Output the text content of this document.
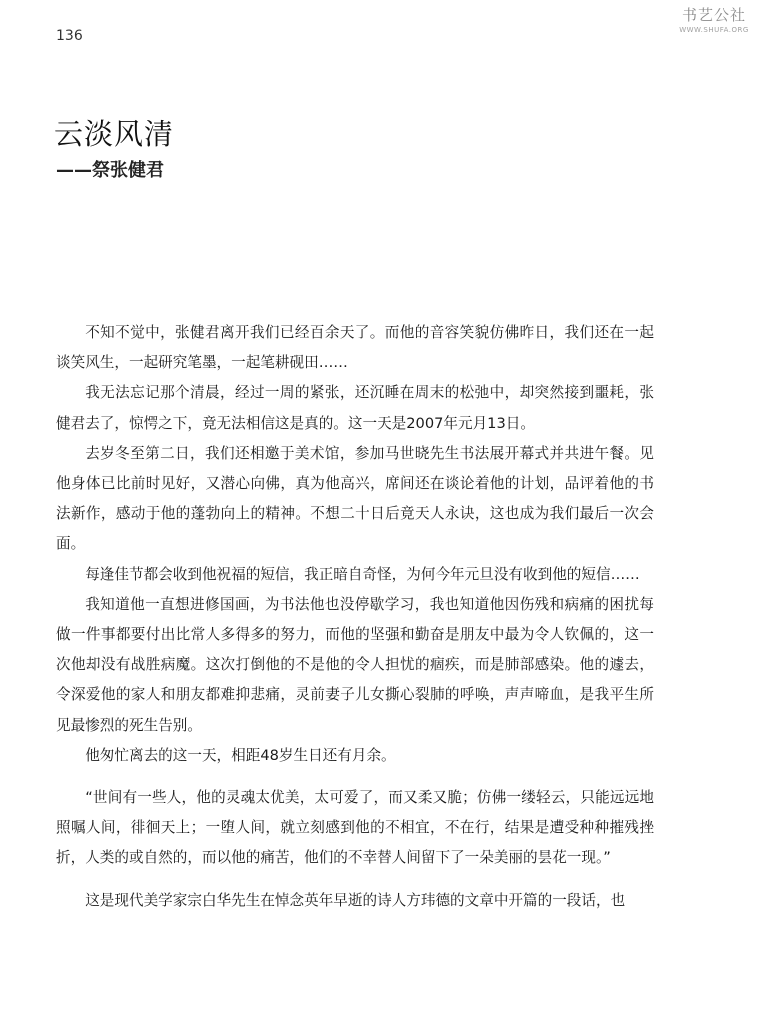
136
书艺公社
WWW.SHUFA.ORG
云淡风清
——祭张健君

不知不觉中，张健君离开我们已经百余天了。而他的音容笑貌仿佛昨日，我们还在一起谈笑风生，一起研究笔墨，一起笔耕砚田……

我无法忘记那个清晨，经过一周的紧张，还沉睡在周末的松弛中，却突然接到噩耗，张健君去了，惊愕之下，竟无法相信这是真的。这一天是2007年元月13日。

去岁冬至第二日，我们还相邀于美术馆，参加马世晓先生书法展开幕式并共进午餐。见他身体已比前时见好，又潜心向佛，真为他高兴，席间还在谈论着他的计划，品评着他的书法新作，感动于他的蓬勃向上的精神。不想二十日后竟天人永诀，这也成为我们最后一次会面。

每逢佳节都会收到他祝福的短信，我正暗自奇怪，为何今年元旦没有收到他的短信……

我知道他一直想进修国画，为书法他也没停歇学习，我也知道他因伤残和病痛的困扰每做一件事都要付出比常人多得多的努力，而他的坚强和勤奋是朋友中最为令人钦佩的，这一次他却没有战胜病魔。这次打倒他的不是他的令人担忧的痼疾，而是肺部感染。他的遽去，令深爱他的家人和朋友都难抑悲痛，灵前妻子儿女撕心裂肺的呼唤，声声啼血，是我平生所见最惨烈的死生告别。

他匆忙离去的这一天，相距48岁生日还有月余。

“世间有一些人，他的灵魂太优美，太可爱了，而又柔又脆；仿佛一缕轻云，只能远远地照嘱人间，徘徊天上；一堕人间，就立刻感到他的不相宜，不在行，结果是遭受种种摧残挫折，人类的或自然的，而以他的痛苦，他们的不幸替人间留下了一朵美丽的昙花一现。”

这是现代美学家宗白华先生在悼念英年早逝的诗人方玮德的文章中开篇的一段话，也
